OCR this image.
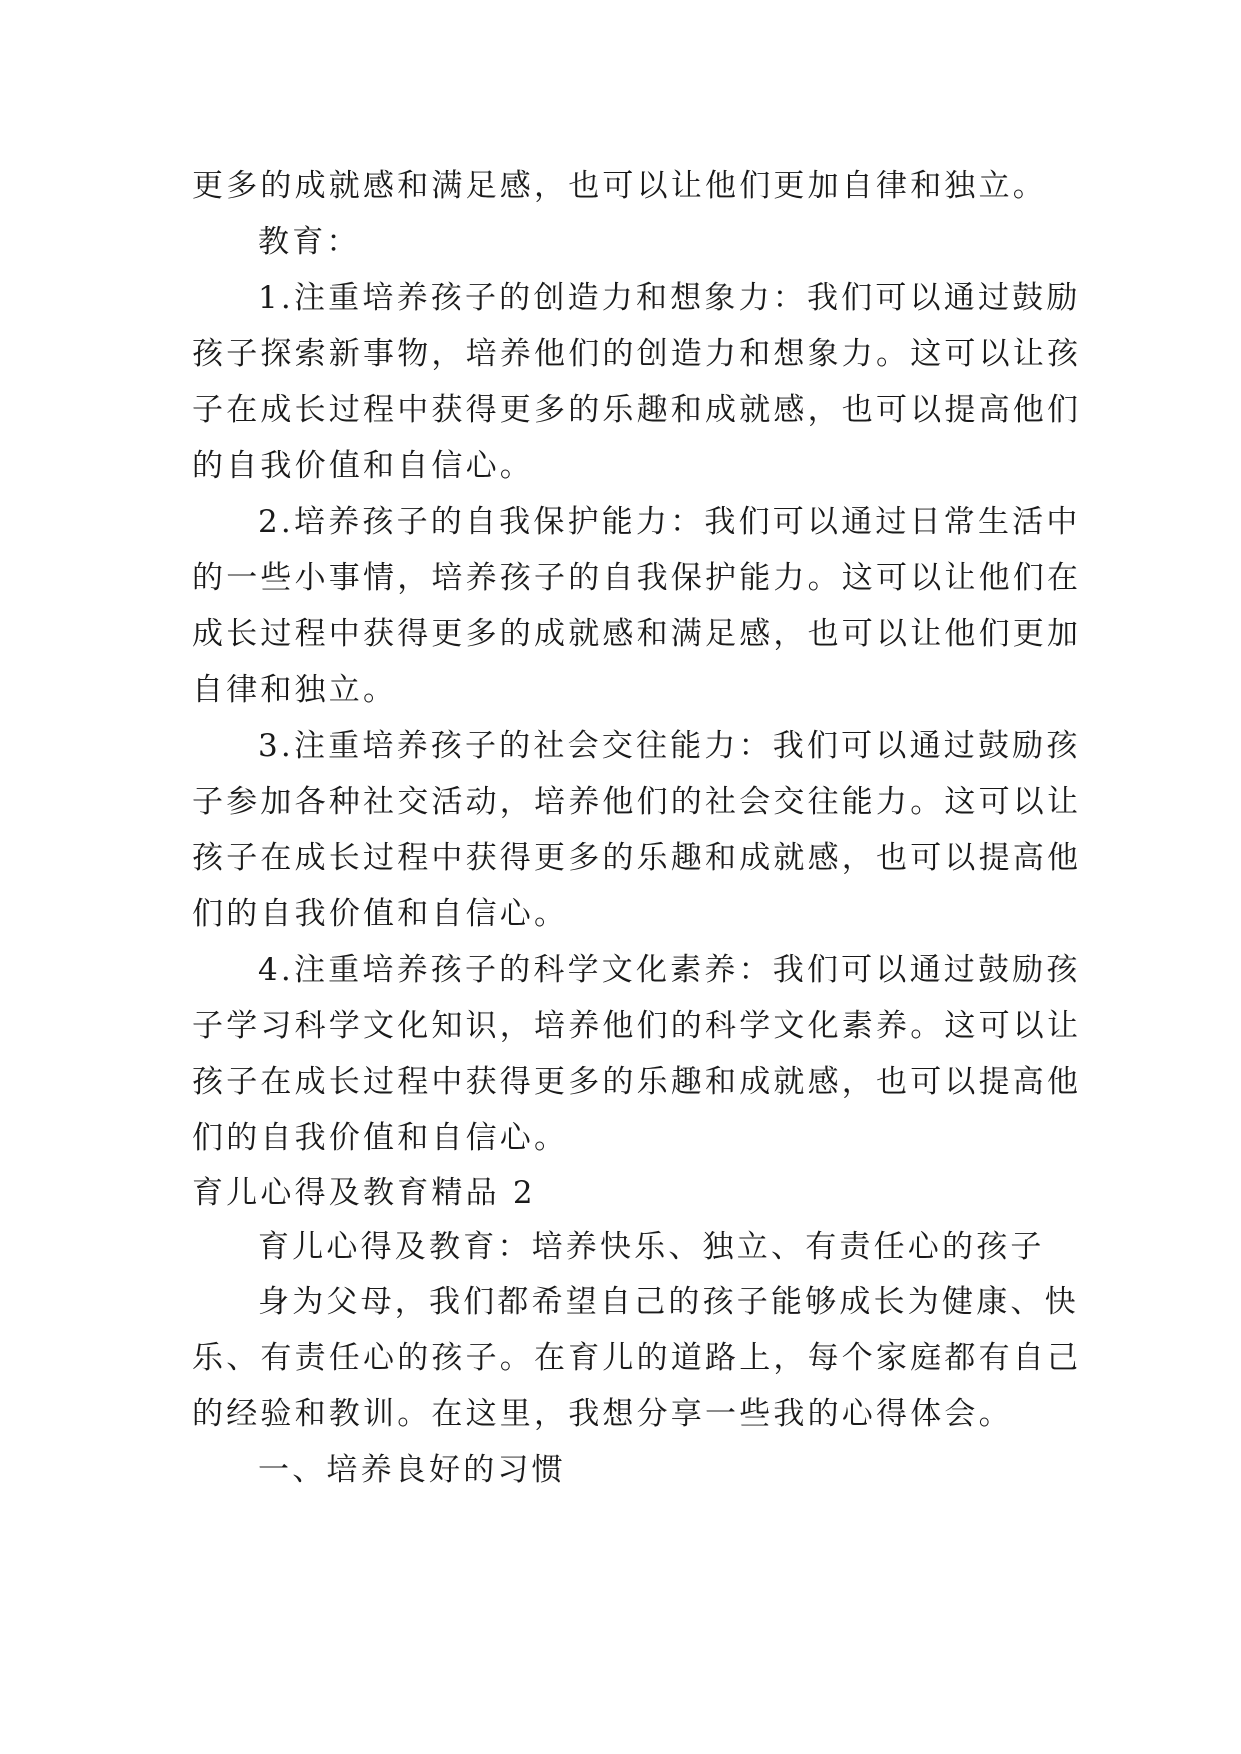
更多的成就感和满足感，也可以让他们更加自律和独立。
教育：
1.注重培养孩子的创造力和想象力：我们可以通过鼓励
孩子探索新事物，培养他们的创造力和想象力。这可以让孩
子在成长过程中获得更多的乐趣和成就感，也可以提高他们
的自我价值和自信心。
2.培养孩子的自我保护能力：我们可以通过日常生活中
的一些小事情，培养孩子的自我保护能力。这可以让他们在
成长过程中获得更多的成就感和满足感，也可以让他们更加
自律和独立。
3.注重培养孩子的社会交往能力：我们可以通过鼓励孩
子参加各种社交活动，培养他们的社会交往能力。这可以让
孩子在成长过程中获得更多的乐趣和成就感，也可以提高他
们的自我价值和自信心。
4.注重培养孩子的科学文化素养：我们可以通过鼓励孩
子学习科学文化知识，培养他们的科学文化素养。这可以让
孩子在成长过程中获得更多的乐趣和成就感，也可以提高他
们的自我价值和自信心。
育儿心得及教育精品 2
育儿心得及教育：培养快乐、独立、有责任心的孩子
身为父母，我们都希望自己的孩子能够成长为健康、快
乐、有责任心的孩子。在育儿的道路上，每个家庭都有自己
的经验和教训。在这里，我想分享一些我的心得体会。
一、培养良好的习惯
